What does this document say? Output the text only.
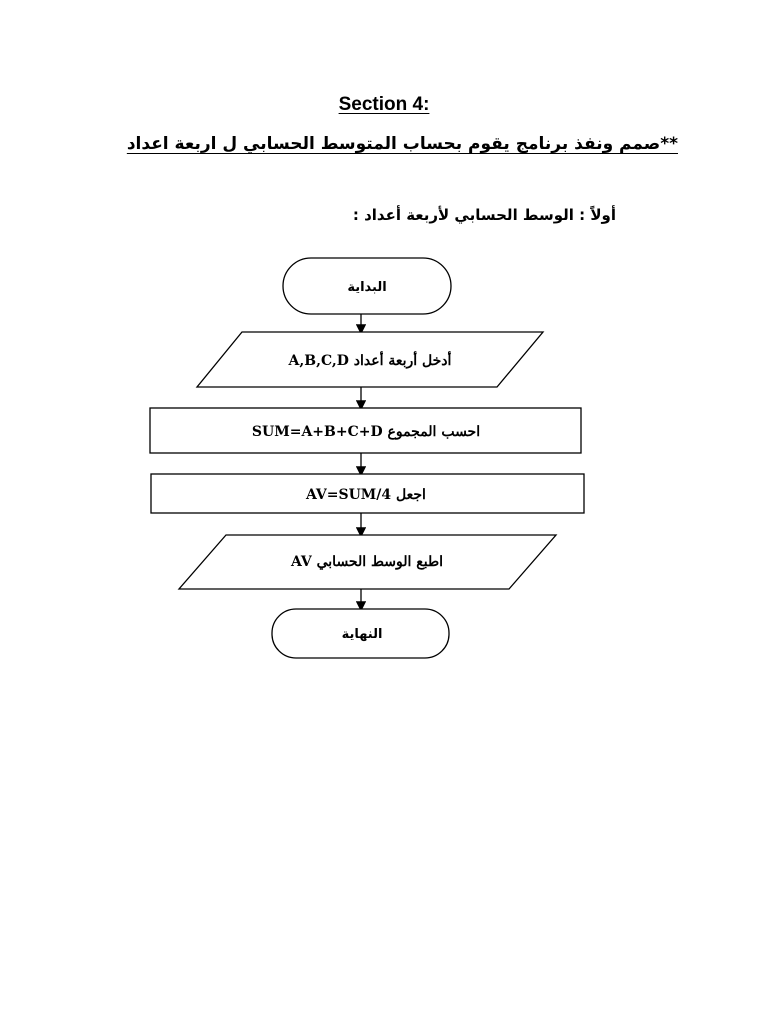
Section 4:
**صمم ونفذ برنامج يقوم بحساب المتوسط الحسابي ل اربعة اعداد
أولاً : الوسط الحسابي لأربعة أعداد :
البداية
أدخل أربعة أعداد A,B,C,D
احسب المجموع SUM=A+B+C+D
اجعل AV=SUM/4
اطبع الوسط الحسابي AV
النهاية
